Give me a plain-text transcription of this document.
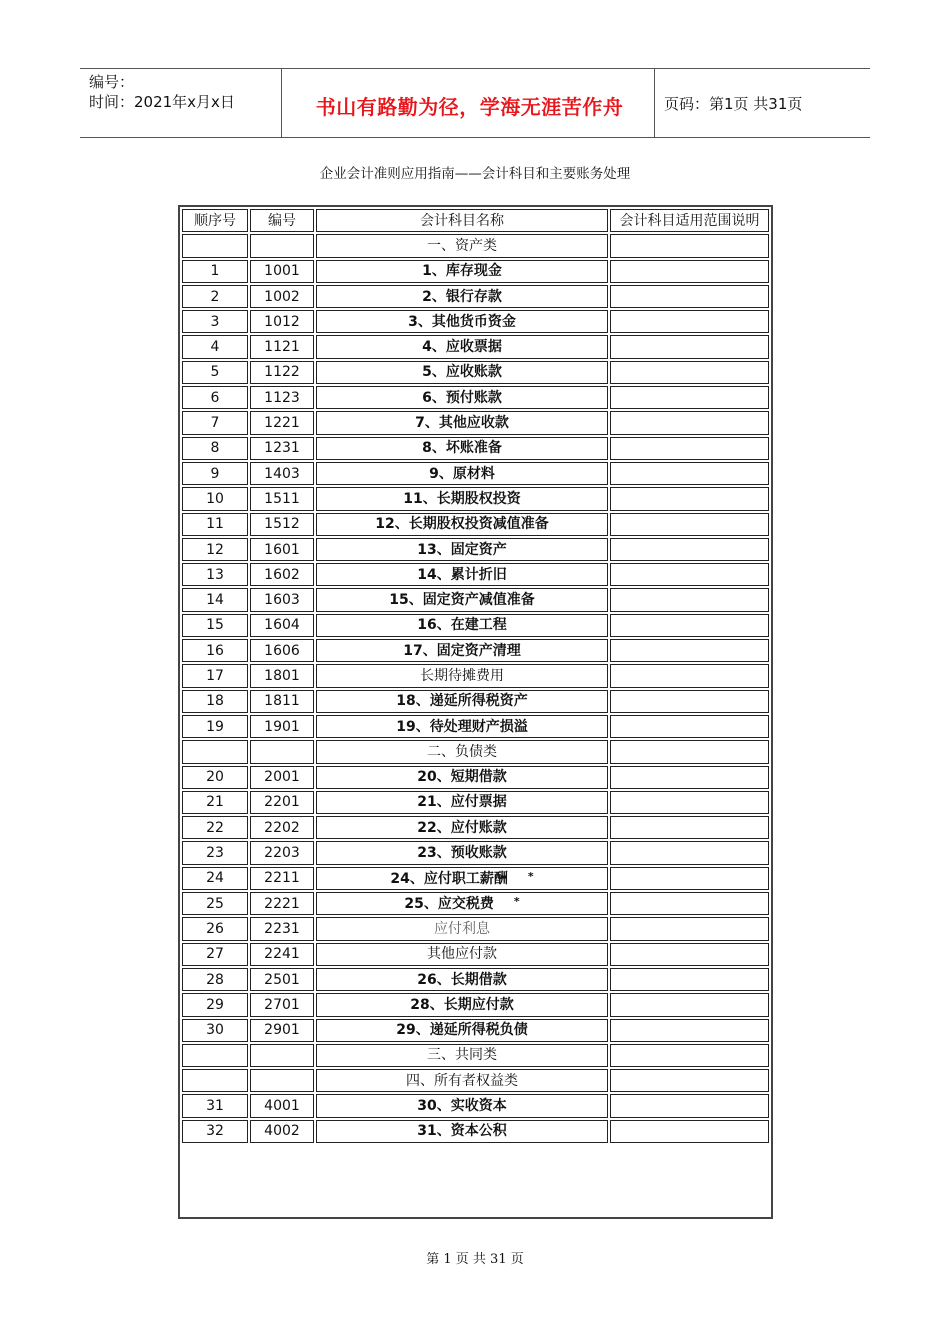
编号：
时间：2021年x月x日	书山有路勤为径，学海无涯苦作舟	页码：第1页 共31页
企业会计准则应用指南——会计科目和主要账务处理
顺序号	编号	会计科目名称	会计科目适用范围说明
		一、资产类	
1	1001	1、库存现金	
2	1002	2、银行存款	
3	1012	3、其他货币资金	
4	1121	4、应收票据	
5	1122	5、应收账款	
6	1123	6、预付账款	
7	1221	7、其他应收款	
8	1231	8、坏账准备	
9	1403	9、原材料	
10	1511	11、长期股权投资	
11	1512	12、长期股权投资减值准备	
12	1601	13、固定资产	
13	1602	14、累计折旧	
14	1603	15、固定资产减值准备	
15	1604	16、在建工程	
16	1606	17、固定资产清理	
17	1801	长期待摊费用	
18	1811	18、递延所得税资产	
19	1901	19、待处理财产损溢	
		二、负债类	
20	2001	20、短期借款	
21	2201	21、应付票据	
22	2202	22、应付账款	
23	2203	23、预收账款	
24	2211	24、应付职工薪酬 *	
25	2221	25、应交税费 *	
26	2231	应付利息	
27	2241	其他应付款	
28	2501	26、长期借款	
29	2701	28、长期应付款	
30	2901	29、递延所得税负债	
		三、共同类	
		四、所有者权益类	
31	4001	30、实收资本	
32	4002	31、资本公积	
第 1 页 共 31 页
